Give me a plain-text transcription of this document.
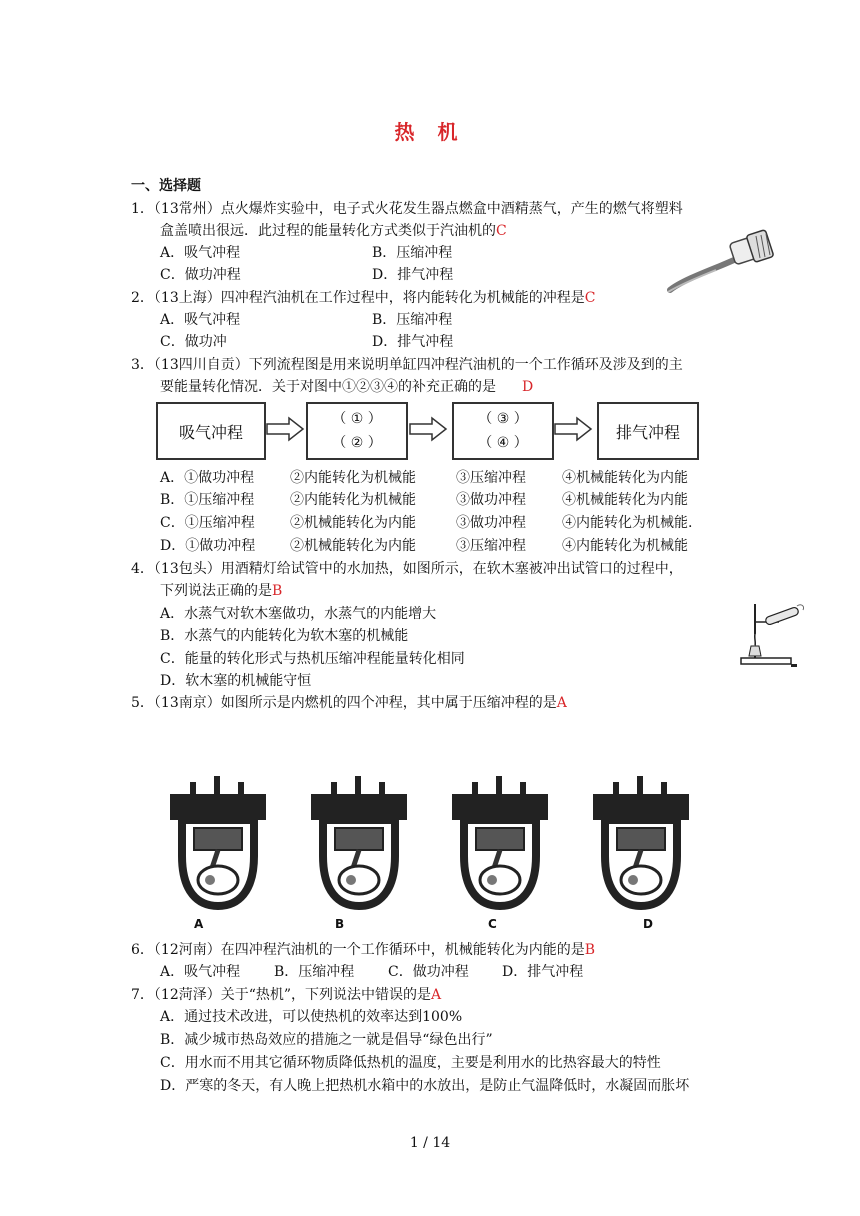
热 机
一、选择题
1．（13常州）点火爆炸实验中，电子式火花发生器点燃盒中酒精蒸气，产生的燃气将塑料
盒盖喷出很远．此过程的能量转化方式类似于汽油机的C
A．吸气冲程	B．压缩冲程
C．做功冲程	D．排气冲程
2．（13上海）四冲程汽油机在工作过程中，将内能转化为机械能的冲程是C
A．吸气冲程	B．压缩冲程
C．做功冲	D．排气冲程
3．（13四川自贡）下列流程图是用来说明单缸四冲程汽油机的一个工作循环及涉及到的主
要能量转化情况．关于对图中①②③④的补充正确的是 D
吸气冲程
（ ① ）
（ ② ）
（ ③ ）
（ ④ ）
排气冲程
A．①做功冲程	②内能转化为机械能	③压缩冲程	④机械能转化为内能
B．①压缩冲程	②内能转化为机械能	③做功冲程	④机械能转化为内能
C．①压缩冲程	②机械能转化为内能	③做功冲程	④内能转化为机械能.
D．①做功冲程 ②机械能转化为内能	③压缩冲程	④内能转化为机械能
4．（13包头）用酒精灯给试管中的水加热，如图所示，在软木塞被冲出试管口的过程中，
下列说法正确的是B
A．水蒸气对软木塞做功，水蒸气的内能增大
B．水蒸气的内能转化为软木塞的机械能
C．能量的转化形式与热机压缩冲程能量转化相同
D．软木塞的机械能守恒
5．（13南京）如图所示是内燃机的四个冲程，其中属于压缩冲程的是A
A	B	C	D
6．（12河南）在四冲程汽油机的一个工作循环中，机械能转化为内能的是B
A．吸气冲程 B．压缩冲程 C．做功冲程 D．排气冲程
7．（12菏泽）关于“热机”，下列说法中错误的是A
A．通过技术改进，可以使热机的效率达到100%
B．减少城市热岛效应的措施之一就是倡导“绿色出行”
C．用水而不用其它循环物质降低热机的温度，主要是利用水的比热容最大的特性
D．严寒的冬天，有人晚上把热机水箱中的水放出，是防止气温降低时，水凝固而胀坏
1 / 14
